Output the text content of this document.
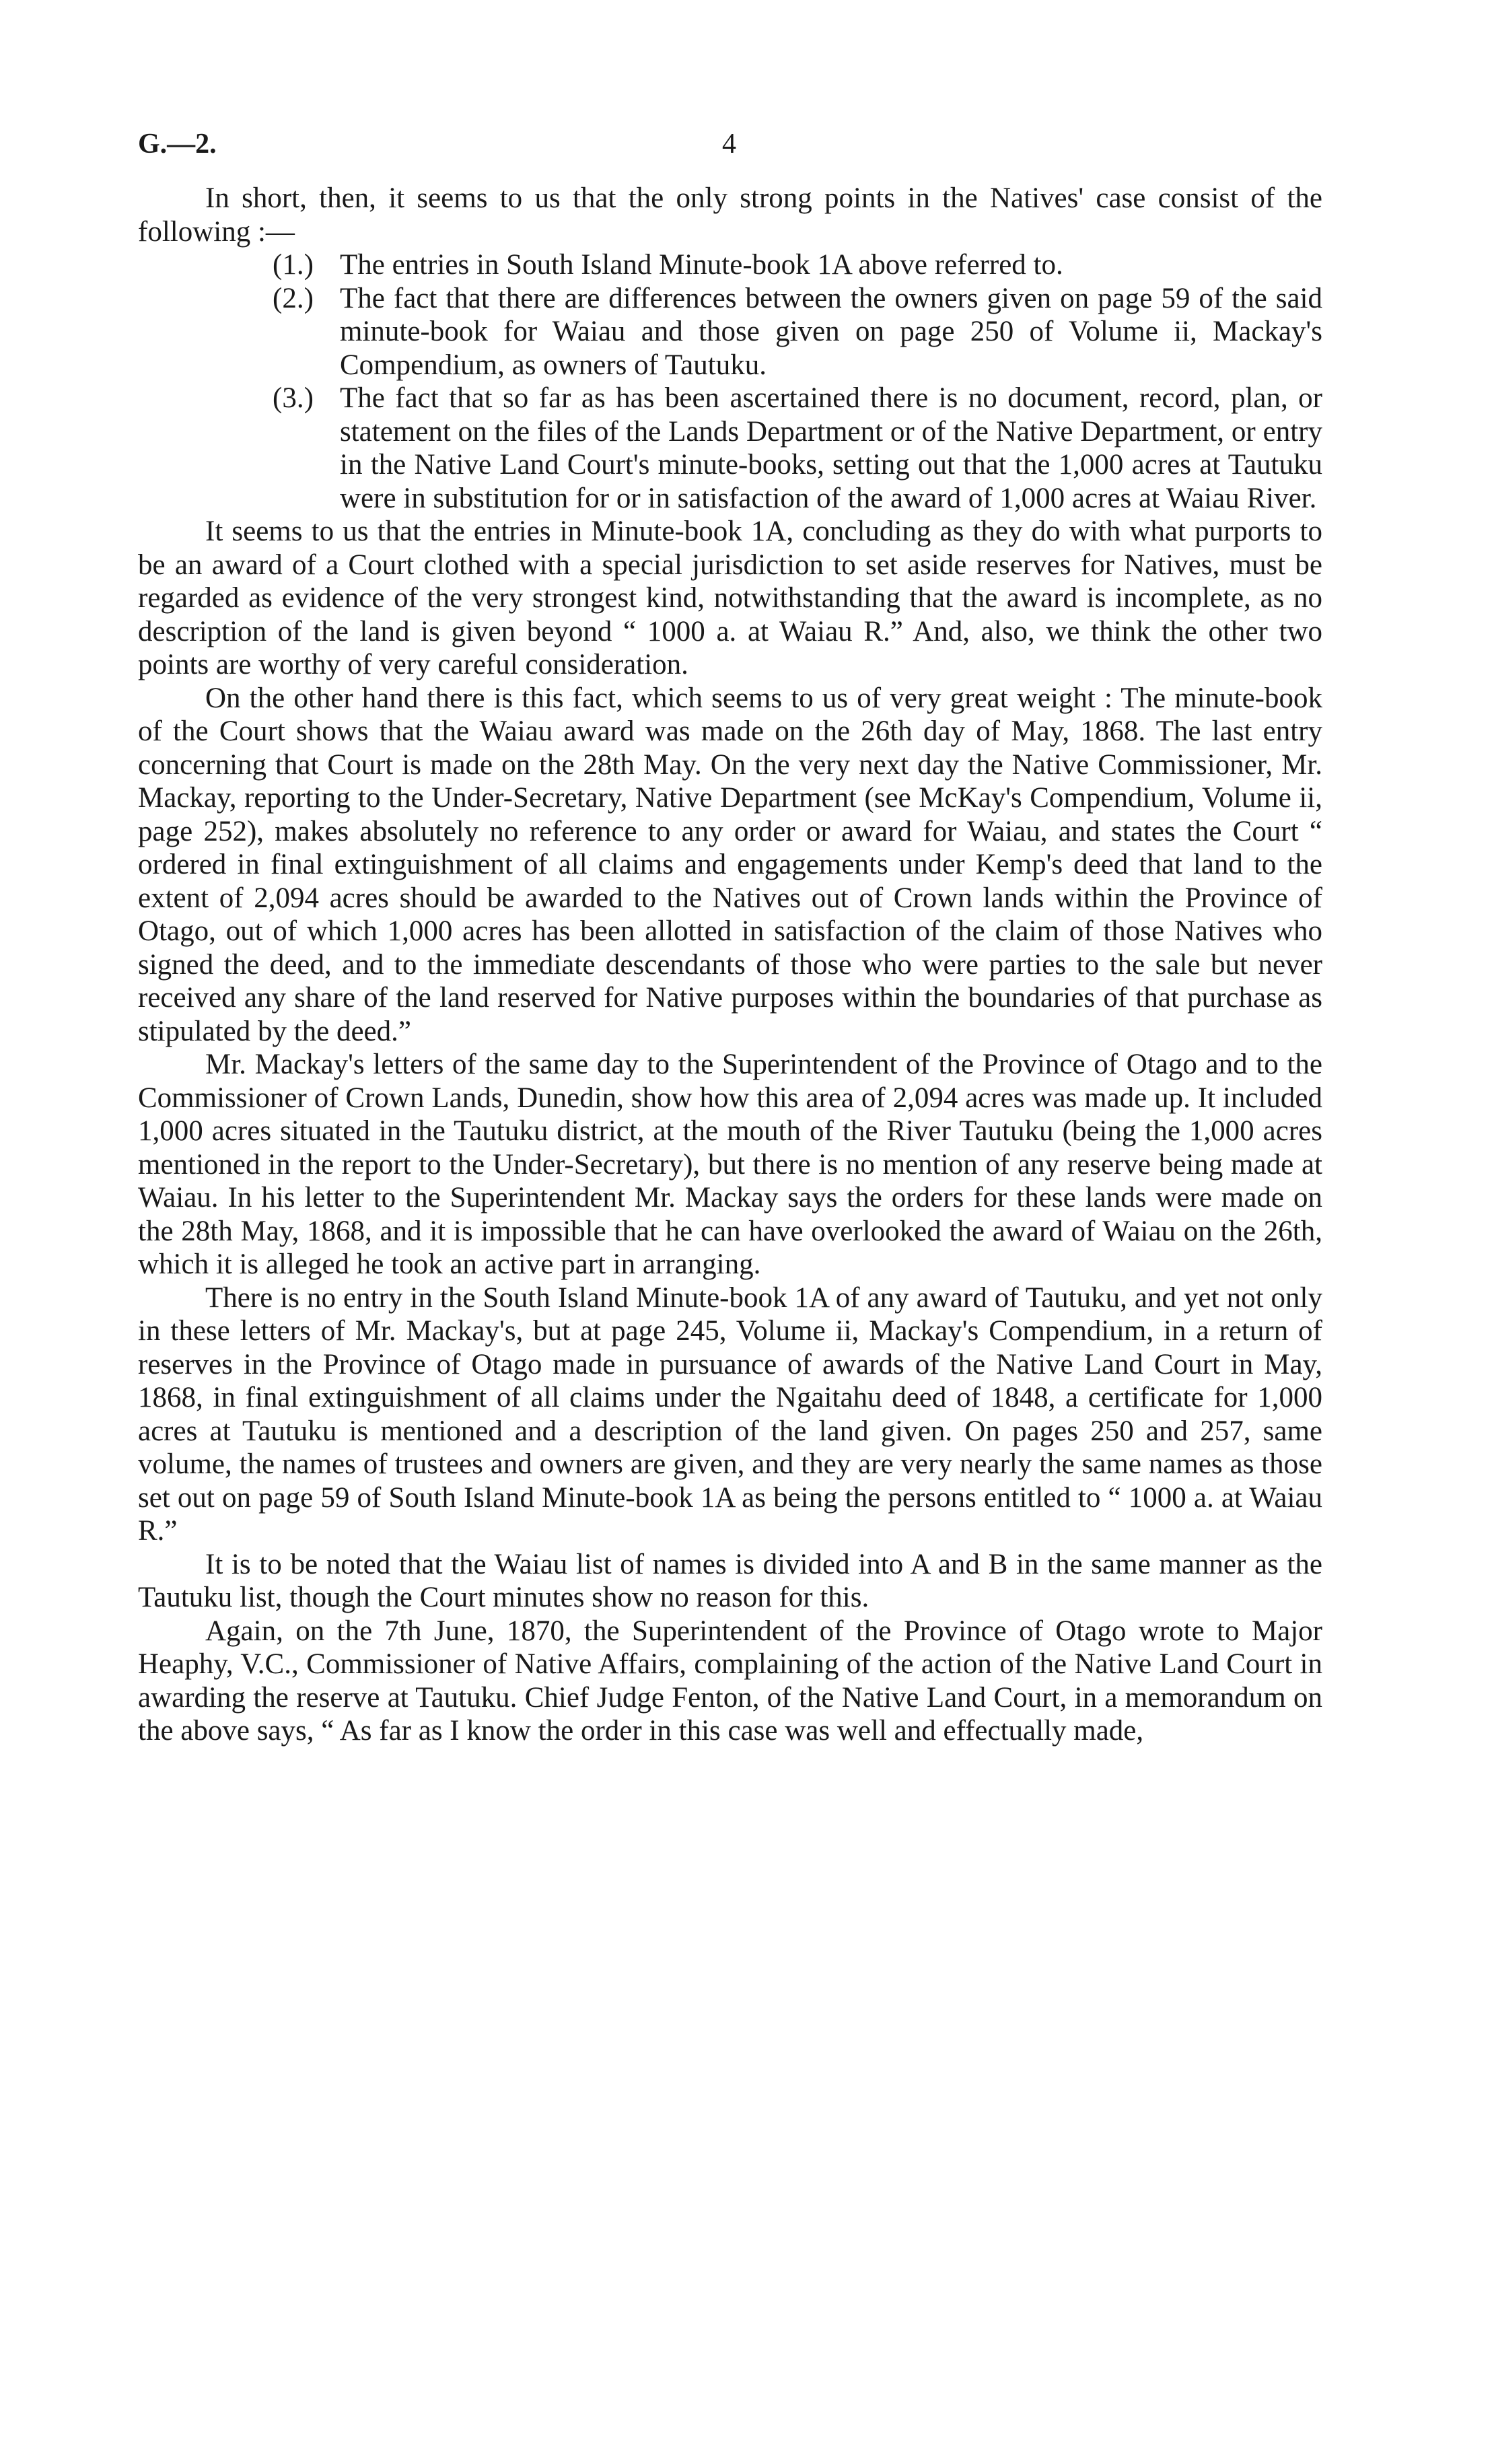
G.—2.	4

In short, then, it seems to us that the only strong points in the Natives' case consist of the following :—

(1.) The entries in South Island Minute-book 1A above referred to.
(2.) The fact that there are differences between the owners given on page 59 of the said minute-book for Waiau and those given on page 250 of Volume ii, Mackay's Compendium, as owners of Tautuku.
(3.) The fact that so far as has been ascertained there is no document, record, plan, or statement on the files of the Lands Department or of the Native Department, or entry in the Native Land Court's minute-books, setting out that the 1,000 acres at Tautuku were in substitution for or in satisfaction of the award of 1,000 acres at Waiau River.

It seems to us that the entries in Minute-book 1A, concluding as they do with what purports to be an award of a Court clothed with a special jurisdiction to set aside reserves for Natives, must be regarded as evidence of the very strongest kind, notwithstanding that the award is incomplete, as no description of the land is given beyond “ 1000 a. at Waiau R.” And, also, we think the other two points are worthy of very careful consideration.

On the other hand there is this fact, which seems to us of very great weight : The minute-book of the Court shows that the Waiau award was made on the 26th day of May, 1868. The last entry concerning that Court is made on the 28th May. On the very next day the Native Commissioner, Mr. Mackay, reporting to the Under-Secretary, Native Department (see McKay's Compendium, Volume ii, page 252), makes absolutely no reference to any order or award for Waiau, and states the Court “ ordered in final extinguishment of all claims and engagements under Kemp's deed that land to the extent of 2,094 acres should be awarded to the Natives out of Crown lands within the Province of Otago, out of which 1,000 acres has been allotted in satisfaction of the claim of those Natives who signed the deed, and to the immediate descendants of those who were parties to the sale but never received any share of the land reserved for Native purposes within the boundaries of that purchase as stipulated by the deed.”

Mr. Mackay's letters of the same day to the Superintendent of the Province of Otago and to the Commissioner of Crown Lands, Dunedin, show how this area of 2,094 acres was made up. It included 1,000 acres situated in the Tautuku district, at the mouth of the River Tautuku (being the 1,000 acres mentioned in the report to the Under-Secretary), but there is no mention of any reserve being made at Waiau. In his letter to the Superintendent Mr. Mackay says the orders for these lands were made on the 28th May, 1868, and it is impossible that he can have overlooked the award of Waiau on the 26th, which it is alleged he took an active part in arranging.

There is no entry in the South Island Minute-book 1A of any award of Tautuku, and yet not only in these letters of Mr. Mackay's, but at page 245, Volume ii, Mackay's Compendium, in a return of reserves in the Province of Otago made in pursuance of awards of the Native Land Court in May, 1868, in final extinguishment of all claims under the Ngaitahu deed of 1848, a certificate for 1,000 acres at Tautuku is mentioned and a description of the land given. On pages 250 and 257, same volume, the names of trustees and owners are given, and they are very nearly the same names as those set out on page 59 of South Island Minute-book 1A as being the persons entitled to “ 1000 a. at Waiau R.”

It is to be noted that the Waiau list of names is divided into A and B in the same manner as the Tautuku list, though the Court minutes show no reason for this.

Again, on the 7th June, 1870, the Superintendent of the Province of Otago wrote to Major Heaphy, V.C., Commissioner of Native Affairs, complaining of the action of the Native Land Court in awarding the reserve at Tautuku. Chief Judge Fenton, of the Native Land Court, in a memorandum on the above says, “ As far as I know the order in this case was well and effectually made,
